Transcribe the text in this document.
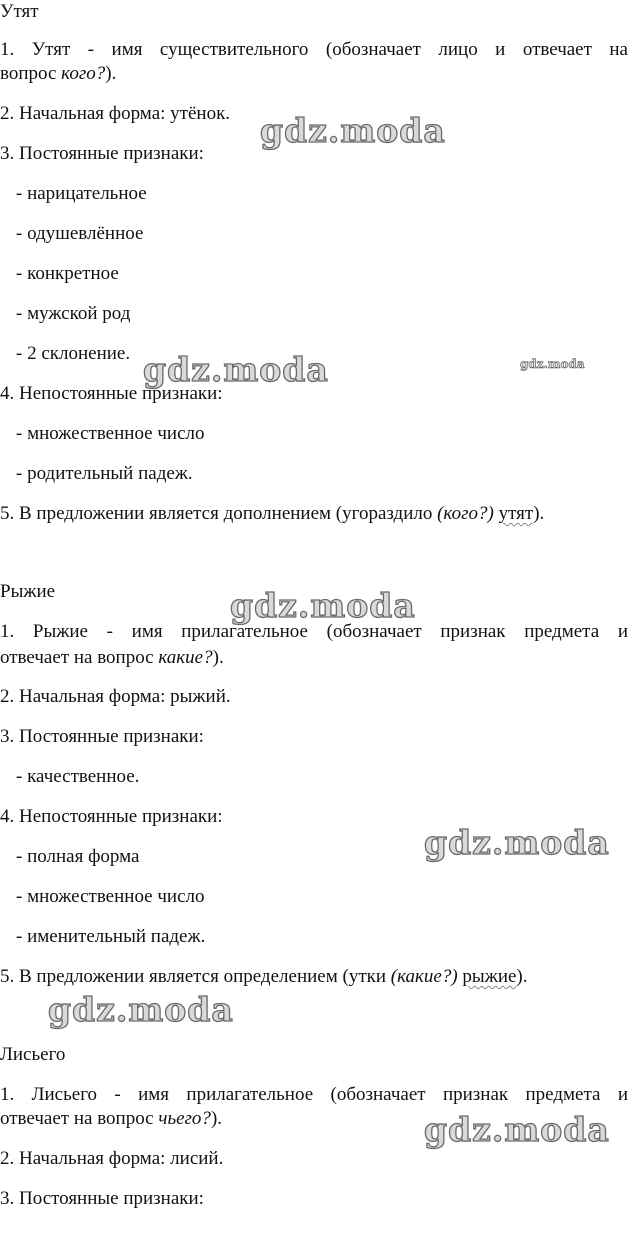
Утят

1. Утят - имя существительного (обозначает лицо и отвечает на

вопрос кого?).

2. Начальная форма: утёнок.

3. Постоянные признаки:

- нарицательное

- одушевлённое

- конкретное

- мужской род

- 2 склонение.

4. Непостоянные признаки:

- множественное число

- родительный падеж.

5. В предложении является дополнением (угораздило (кого?) утят).

Рыжие

1. Рыжие - имя прилагательное (обозначает признак предмета и

отвечает на вопрос какие?).

2. Начальная форма: рыжий.

3. Постоянные признаки:

- качественное.

4. Непостоянные признаки:

- полная форма

- множественное число

- именительный падеж.

5. В предложении является определением (утки (какие?) рыжие).

Лисьего

1. Лисьего - имя прилагательное (обозначает признак предмета и

отвечает на вопрос чьего?).

2. Начальная форма: лисий.

3. Постоянные признаки:

gdz.moda
gdz.moda	gdz.moda
gdz.moda
gdz.moda
gdz.moda
gdz.moda
